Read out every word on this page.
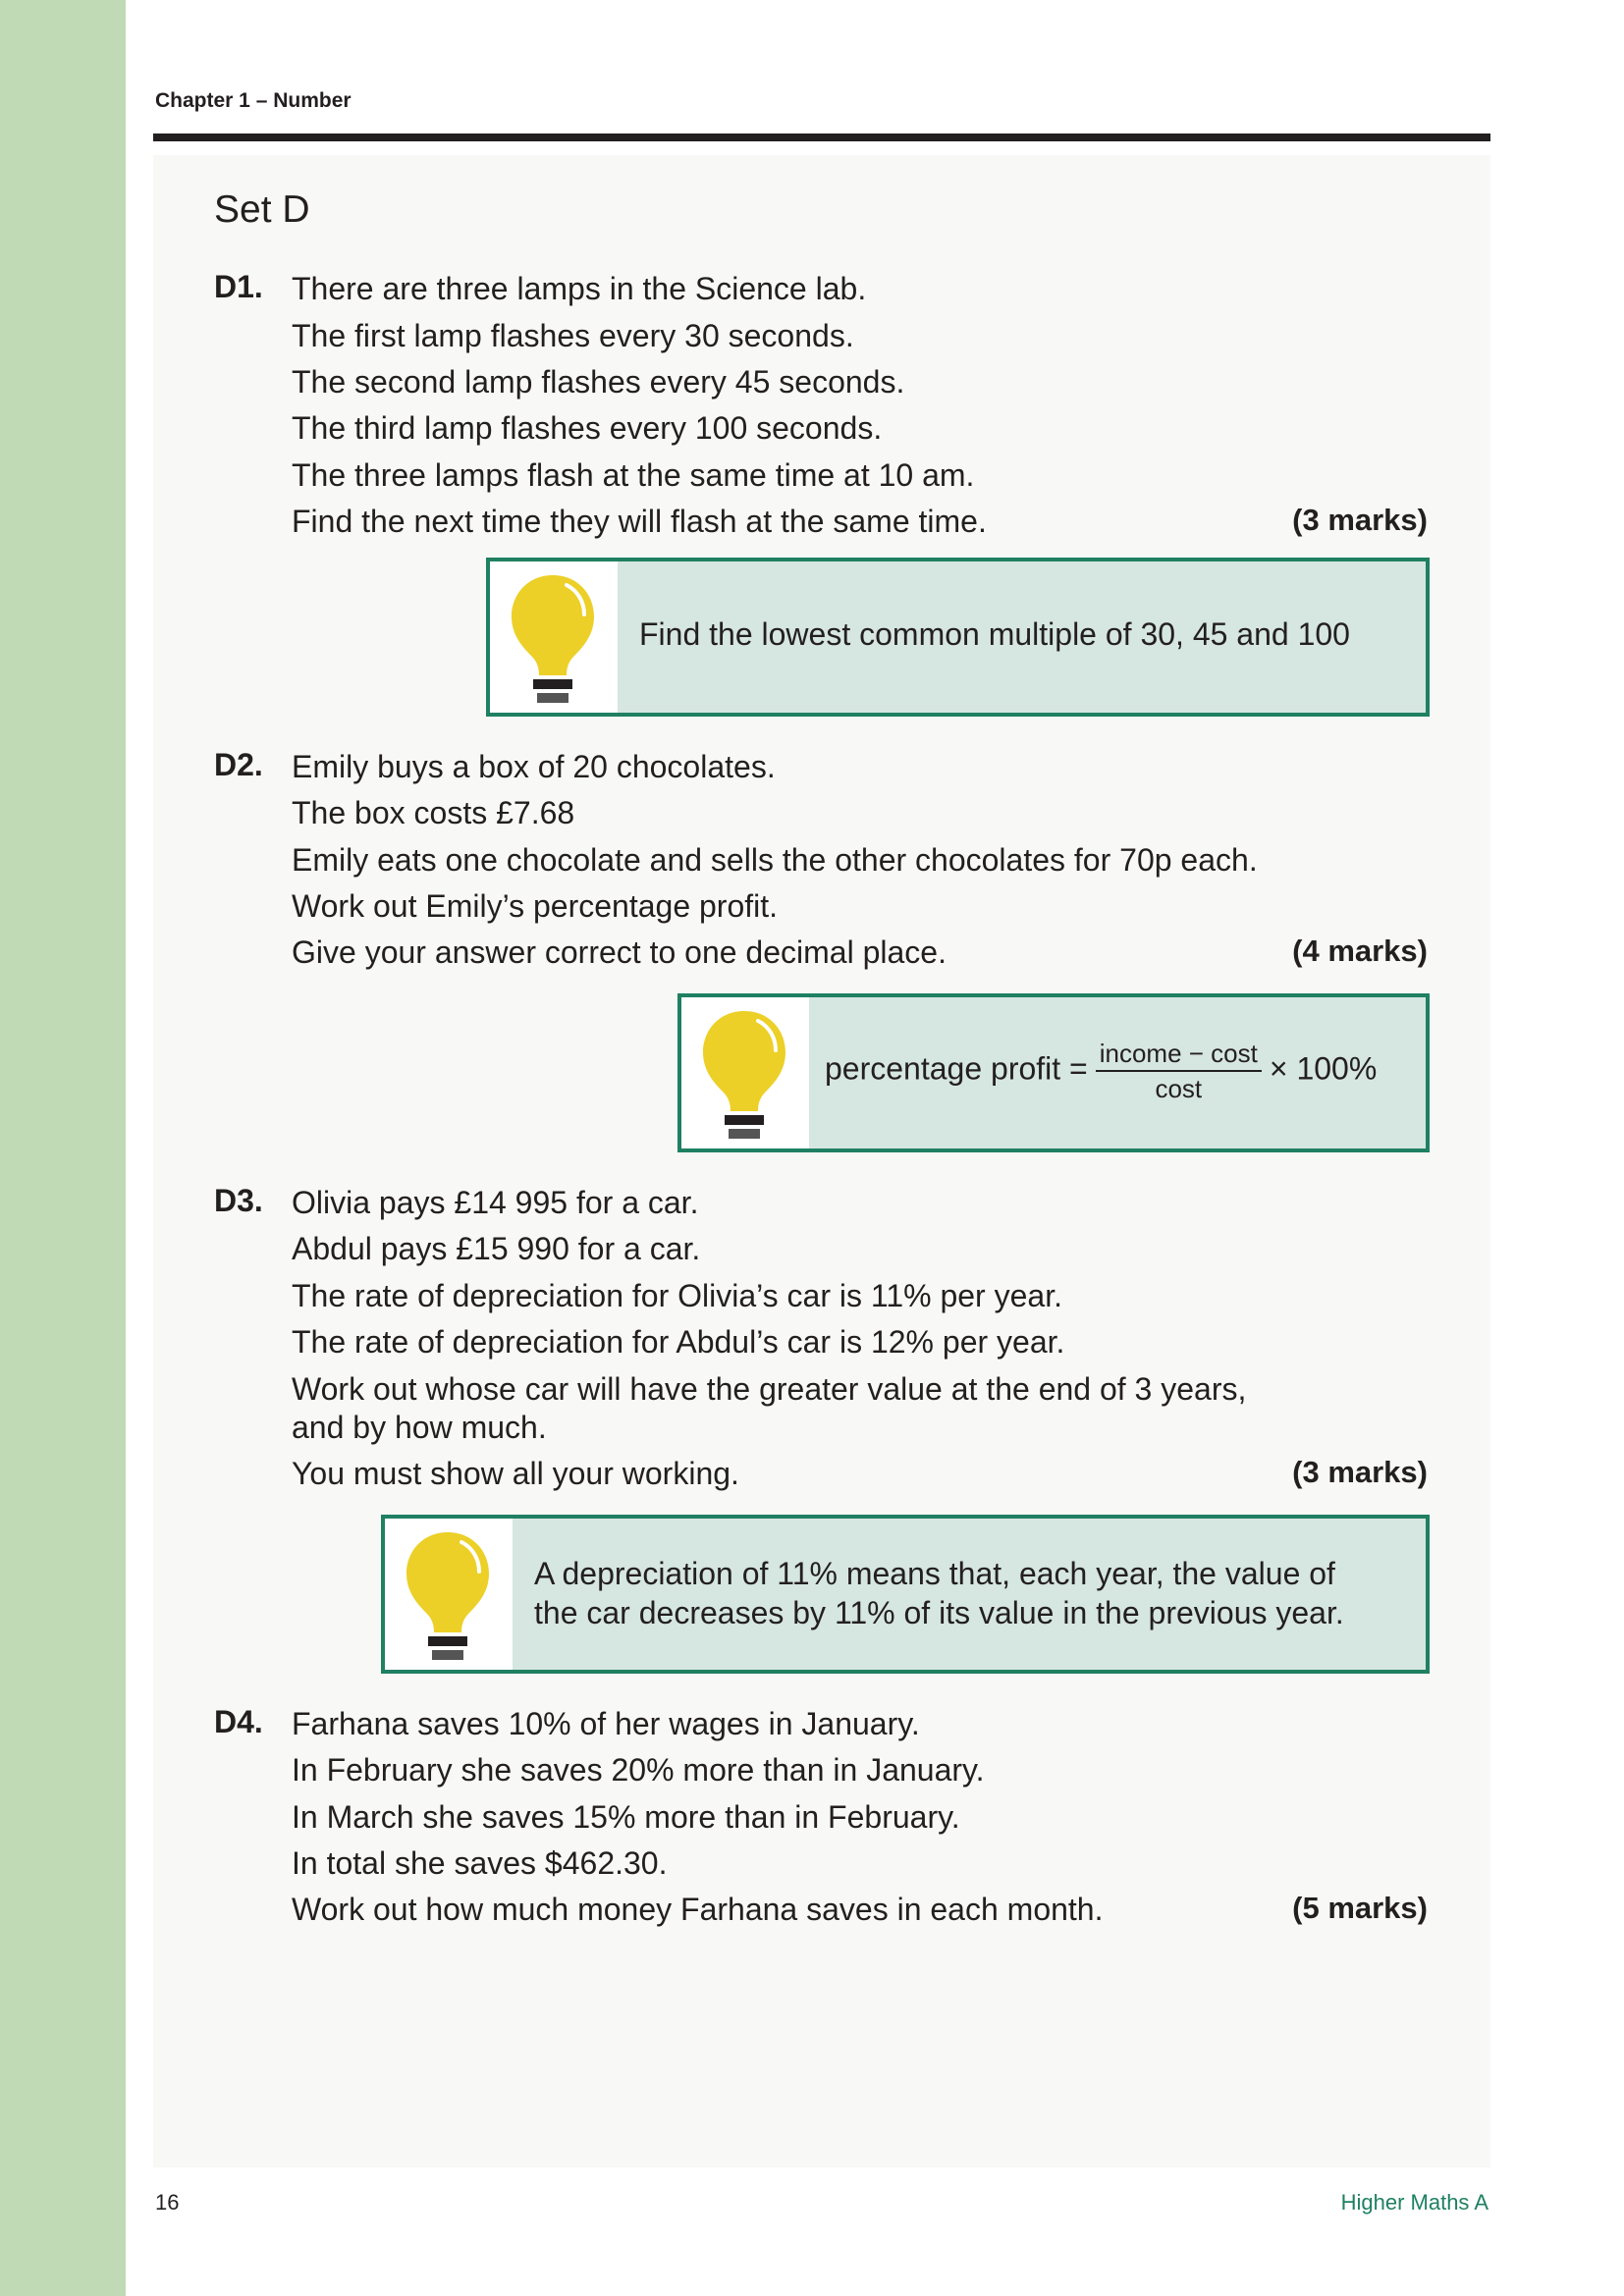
Chapter 1 – Number
Set D
D1. There are three lamps in the Science lab.
The first lamp flashes every 30 seconds.
The second lamp flashes every 45 seconds.
The third lamp flashes every 100 seconds.
The three lamps flash at the same time at 10 am.
Find the next time they will flash at the same time.	(3 marks)
Find the lowest common multiple of 30, 45 and 100
D2. Emily buys a box of 20 chocolates.
The box costs £7.68
Emily eats one chocolate and sells the other chocolates for 70p each.
Work out Emily’s percentage profit.
Give your answer correct to one decimal place.	(4 marks)
percentage profit = $\frac{\text{income − cost}}{\cos t} \times 100\%$
D3. Olivia pays £14 995 for a car.
Abdul pays £15 990 for a car.
The rate of depreciation for Olivia’s car is 11% per year.
The rate of depreciation for Abdul’s car is 12% per year.
Work out whose car will have the greater value at the end of 3 years,
and by how much.
You must show all your working.	(3 marks)
A depreciation of 11% means that, each year, the value of
the car decreases by 11% of its value in the previous year.
D4. Farhana saves 10% of her wages in January.
In February she saves 20% more than in January.
In March she saves 15% more than in February.
In total she saves $462.30.
Work out how much money Farhana saves in each month.	(5 marks)
16	Higher Maths A
